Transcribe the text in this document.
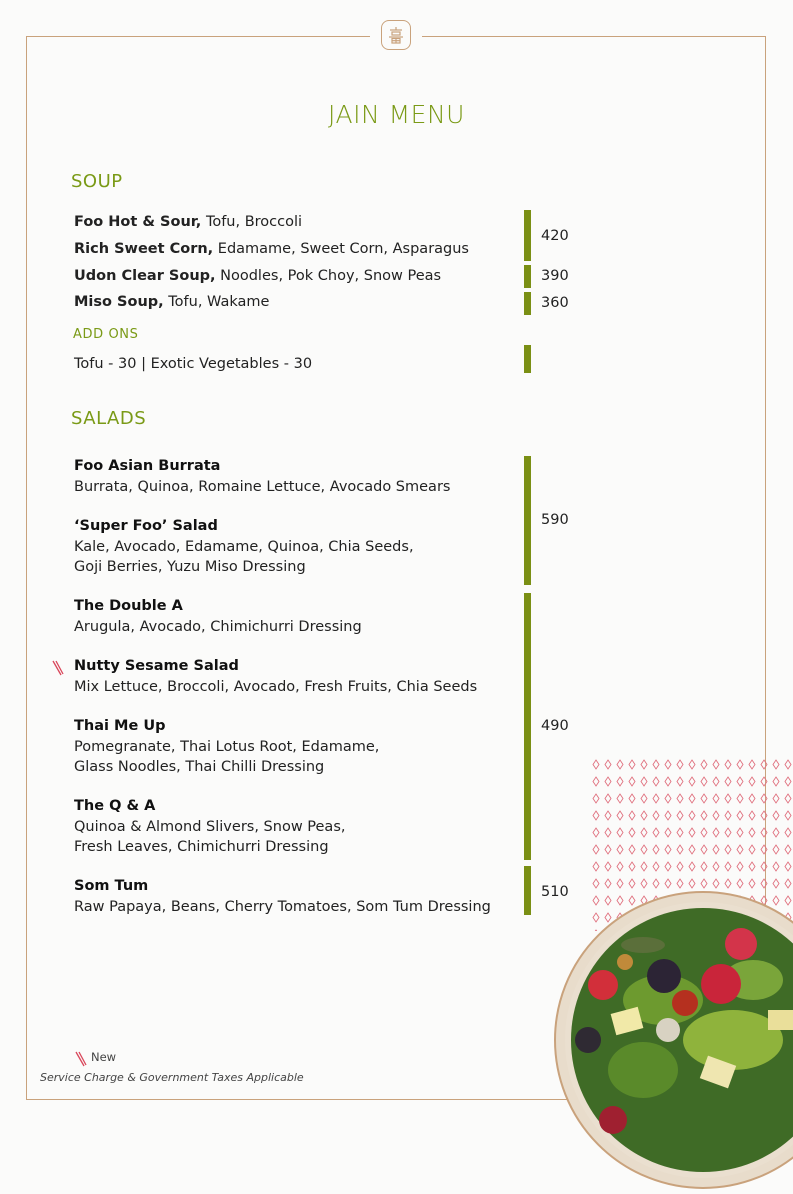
JAIN MENU
SOUP
Foo Hot & Sour, Tofu, Broccoli
Rich Sweet Corn, Edamame, Sweet Corn, Asparagus
Udon Clear Soup, Noodles, Pok Choy, Snow Peas
Miso Soup, Tofu, Wakame
420
390
360
ADD ONS
Tofu - 30 | Exotic Vegetables - 30
SALADS
Foo Asian Burrata
Burrata, Quinoa, Romaine Lettuce, Avocado Smears
‘Super Foo’ Salad
Kale, Avocado, Edamame, Quinoa, Chia Seeds,
Goji Berries, Yuzu Miso Dressing
The Double A
Arugula, Avocado, Chimichurri Dressing
Nutty Sesame Salad
Mix Lettuce, Broccoli, Avocado, Fresh Fruits, Chia Seeds
Thai Me Up
Pomegranate, Thai Lotus Root, Edamame,
Glass Noodles, Thai Chilli Dressing
The Q & A
Quinoa & Almond Slivers, Snow Peas,
Fresh Leaves, Chimichurri Dressing
Som Tum
Raw Papaya, Beans, Cherry Tomatoes, Som Tum Dressing
590
490
510
New
Service Charge & Government Taxes Applicable
